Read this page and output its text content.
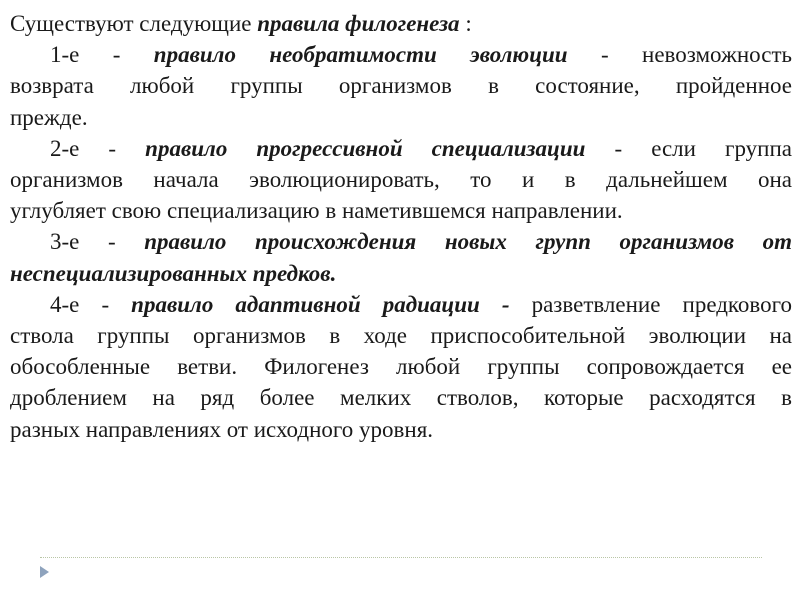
Существуют следующие правила филогенеза :
1-е - правило необратимости эволюции - невозможность
возврата любой группы организмов в состояние, пройденное
прежде.
2-е - правило прогрессивной специализации - если группа
организмов начала эволюционировать, то и в дальнейшем она
углубляет свою специализацию в наметившемся направлении.
3-е - правило происхождения новых групп организмов от
неспециализированных предков.
4-е - правило адаптивной радиации - разветвление предкового
ствола группы организмов в ходе приспособительной эволюции на
обособленные ветви. Филогенез любой группы сопровождается ее
дроблением на ряд более мелких стволов, которые расходятся в
разных направлениях от исходного уровня.
